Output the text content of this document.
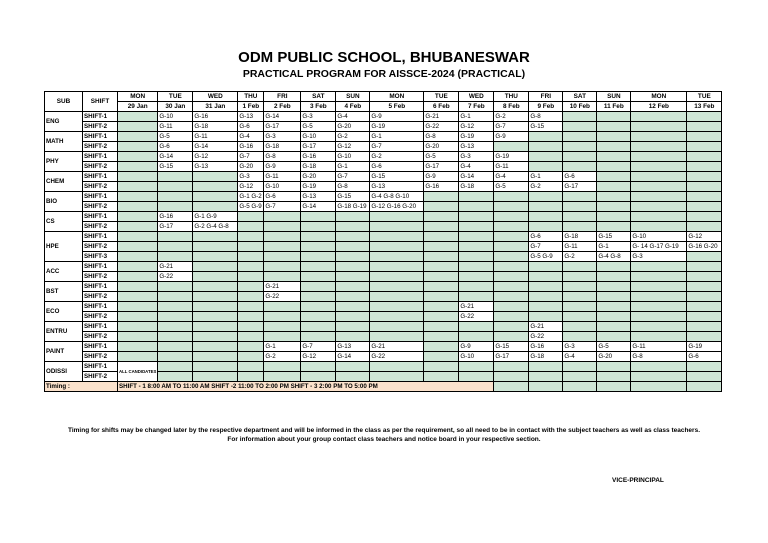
ODM PUBLIC SCHOOL, BHUBANESWAR
PRACTICAL PROGRAM FOR AISSCE-2024 (PRACTICAL)
SUB	SHIFT	MON	TUE	WED	THU	FRI	SAT	SUN	MON	TUE	WED	THU	FRI	SAT	SUN	MON	TUE
		29 Jan	30 Jan	31 Jan	1 Feb	2 Feb	3 Feb	4 Feb	5 Feb	6 Feb	7 Feb	8 Feb	9 Feb	10 Feb	11 Feb	12 Feb	13 Feb
ENG	SHIFT-1		G-10	G-16	G-13	G-14	G-3	G-4	G-9	G-21	G-1	G-2	G-8				
	SHIFT-2		G-11	G-18	G-6	G-17	G-5	G-20	G-19	G-22	G-12	G-7	G-15				
MATH	SHIFT-1		G-5	G-11	G-4	G-3	G-10	G-2	G-1	G-8	G-19	G-9					
	SHIFT-2		G-6	G-14	G-16	G-18	G-17	G-12	G-7	G-20	G-13						
PHY	SHIFT-1		G-14	G-12	G-7	G-8	G-16	G-10	G-2	G-5	G-3	G-19					
	SHIFT-2		G-15	G-13	G-20	G-9	G-18	G-1	G-6	G-17	G-4	G-11					
CHEM	SHIFT-1				G-3	G-11	G-20	G-7	G-15	G-9	G-14	G-4	G-1	G-6			
	SHIFT-2				G-12	G-10	G-19	G-8	G-13	G-16	G-18	G-5	G-2	G-17			
BIO	SHIFT-1				G-1 G-2	G-6	G-13	G-15	G-4 G-8 G-10								
	SHIFT-2				G-5 G-9	G-7	G-14	G-18 G-19	G-12 G-16 G-20								
CS	SHIFT-1		G-16	G-1 G-9													
	SHIFT-2		G-17	G-2 G-4 G-8													
HPE	SHIFT-1												G-6	G-18	G-15	G-10	G-12
	SHIFT-2												G-7	G-11	G-1	G- 14 G-17 G-19	G-16 G-20
	SHIFT-3												G-5 G-9	G-2	G-4 G-8	G-3	
ACC	SHIFT-1		G-21														
	SHIFT-2		G-22														
BST	SHIFT-1					G-21											
	SHIFT-2					G-22											
ECO	SHIFT-1										G-21						
	SHIFT-2										G-22						
ENTRU	SHIFT-1												G-21				
	SHIFT-2												G-22				
PAINT	SHIFT-1					G-1	G-7	G-13	G-21		G-9	G-15	G-16	G-3	G-5	G-11	G-19
	SHIFT-2					G-2	G-12	G-14	G-22		G-10	G-17	G-18	G-4	G-20	G-8	G-6
ODISSI	SHIFT-1	ALL CANDIDATES															
	SHIFT-2																
Timing :		SHIFT - 1 8:00 AM TO 11:00 AM SHIFT -2 11:00 TO 2:00 PM SHIFT - 3 2:00 PM TO 5:00 PM															
Timing for shifts may be changed later by the respective department and will be informed in the class as per the requirement, so all need to be in contact with the subject teachers as well as class teachers.
For information about your group contact class teachers and notice board in your respective section.
VICE-PRINCIPAL
